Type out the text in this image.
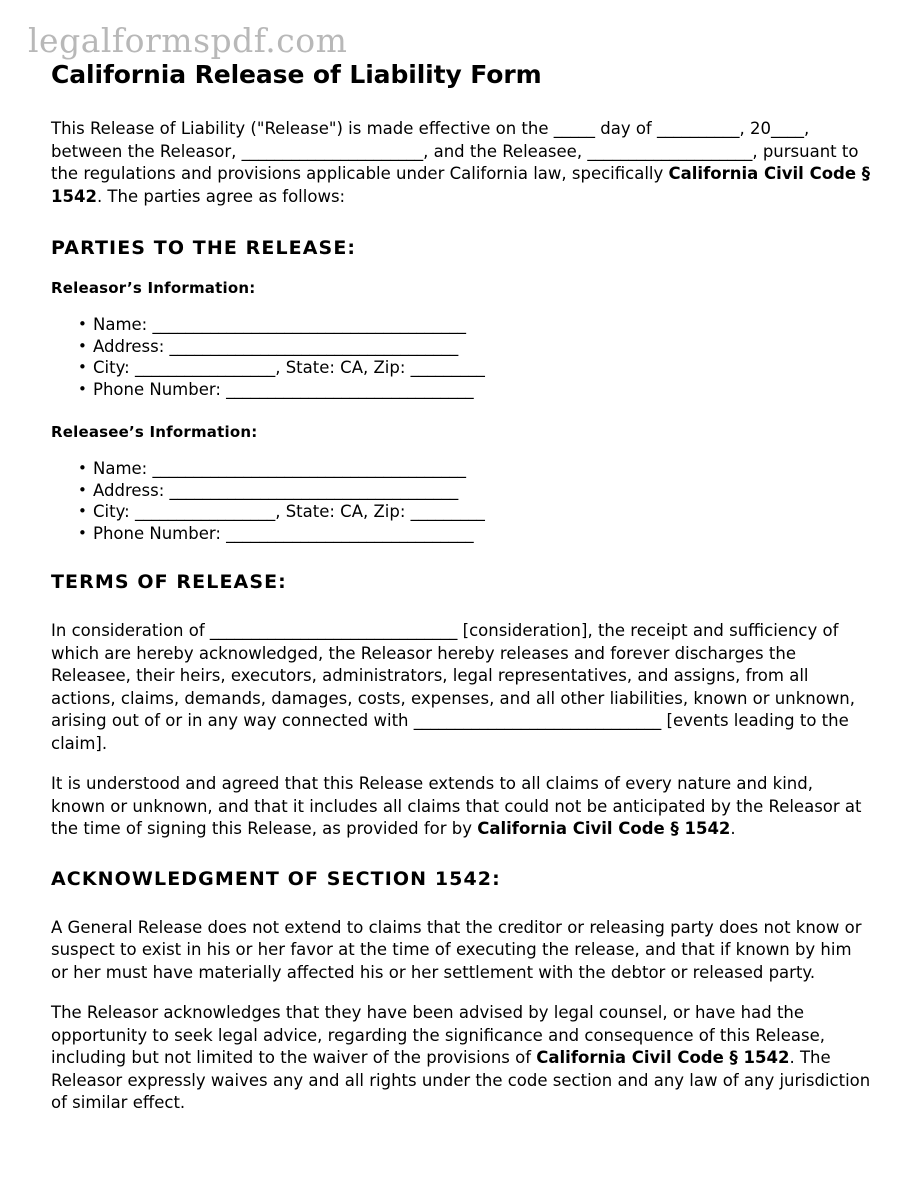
legalformspdf.com
California Release of Liability Form

This Release of Liability ("Release") is made effective on the _____ day of __________, 20____, between the Releasor, ______________________, and the Releasee, ____________________, pursuant to the regulations and provisions applicable under California law, specifically California Civil Code § 1542. The parties agree as follows:

PARTIES TO THE RELEASE:
Releasor’s Information:
• Name: ______________________________________
• Address: ___________________________________
• City: _________________, State: CA, Zip: _________
• Phone Number: ______________________________
Releasee’s Information:
• Name: ______________________________________
• Address: ___________________________________
• City: _________________, State: CA, Zip: _________
• Phone Number: ______________________________
TERMS OF RELEASE:

In consideration of ______________________________ [consideration], the receipt and sufficiency of which are hereby acknowledged, the Releasor hereby releases and forever discharges the Releasee, their heirs, executors, administrators, legal representatives, and assigns, from all actions, claims, demands, damages, costs, expenses, and all other liabilities, known or unknown, arising out of or in any way connected with ______________________________ [events leading to the claim].

It is understood and agreed that this Release extends to all claims of every nature and kind, known or unknown, and that it includes all claims that could not be anticipated by the Releasor at the time of signing this Release, as provided for by California Civil Code § 1542.

ACKNOWLEDGMENT OF SECTION 1542:

A General Release does not extend to claims that the creditor or releasing party does not know or suspect to exist in his or her favor at the time of executing the release, and that if known by him or her must have materially affected his or her settlement with the debtor or released party.

The Releasor acknowledges that they have been advised by legal counsel, or have had the opportunity to seek legal advice, regarding the significance and consequence of this Release, including but not limited to the waiver of the provisions of California Civil Code § 1542. The Releasor expressly waives any and all rights under the code section and any law of any jurisdiction of similar effect.
